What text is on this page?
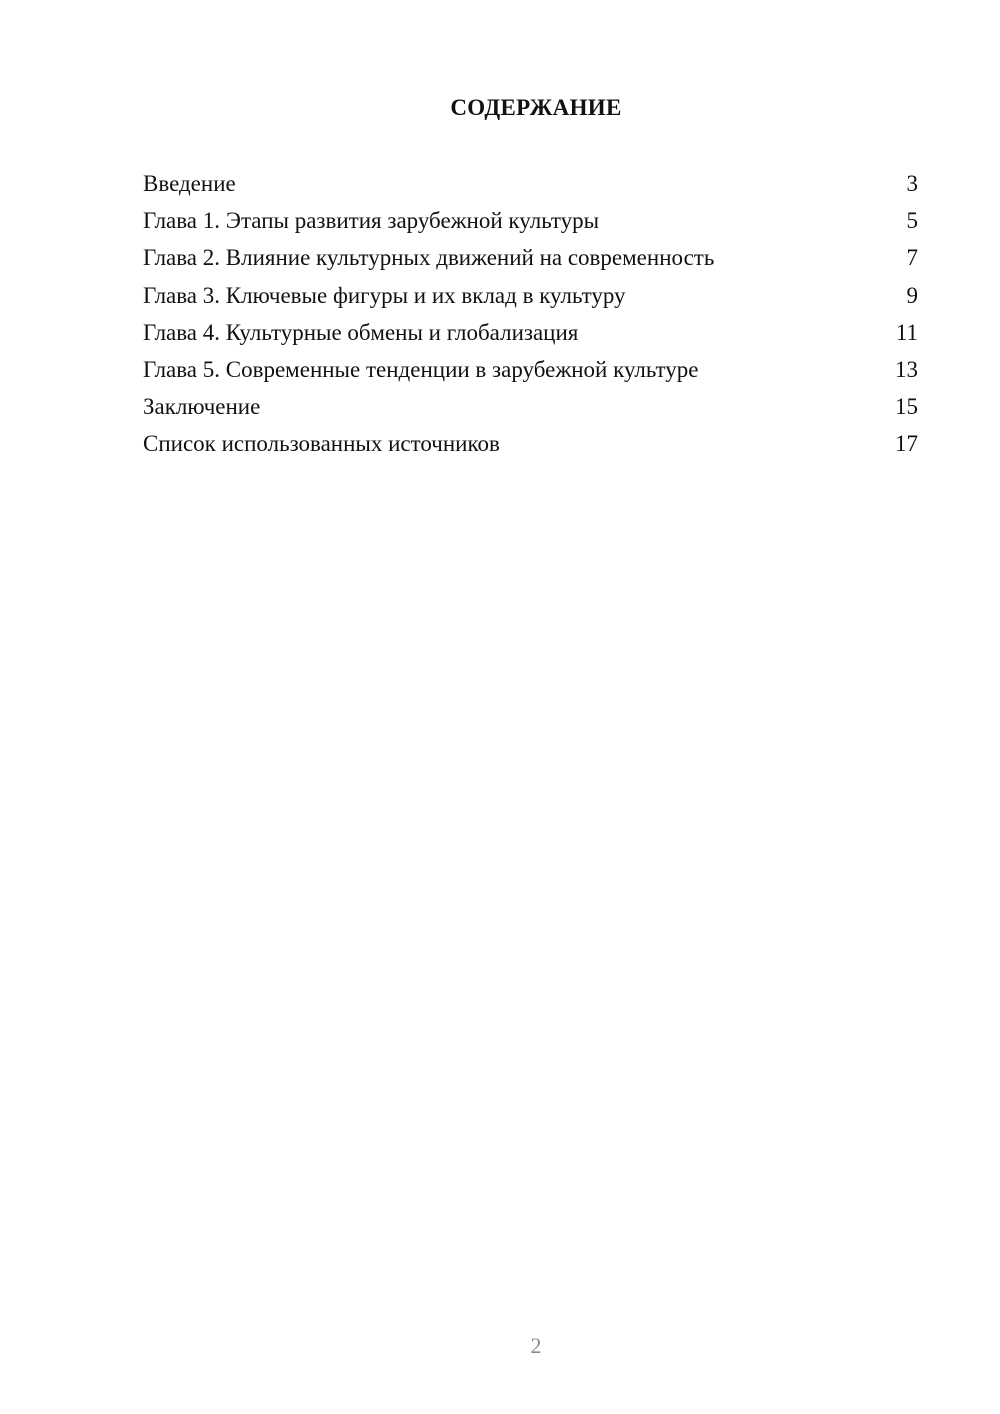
СОДЕРЖАНИЕ
Введение	3
Глава 1. Этапы развития зарубежной культуры	5
Глава 2. Влияние культурных движений на современность	7
Глава 3. Ключевые фигуры и их вклад в культуру	9
Глава 4. Культурные обмены и глобализация	11
Глава 5. Современные тенденции в зарубежной культуре	13
Заключение	15
Список использованных источников	17
2
